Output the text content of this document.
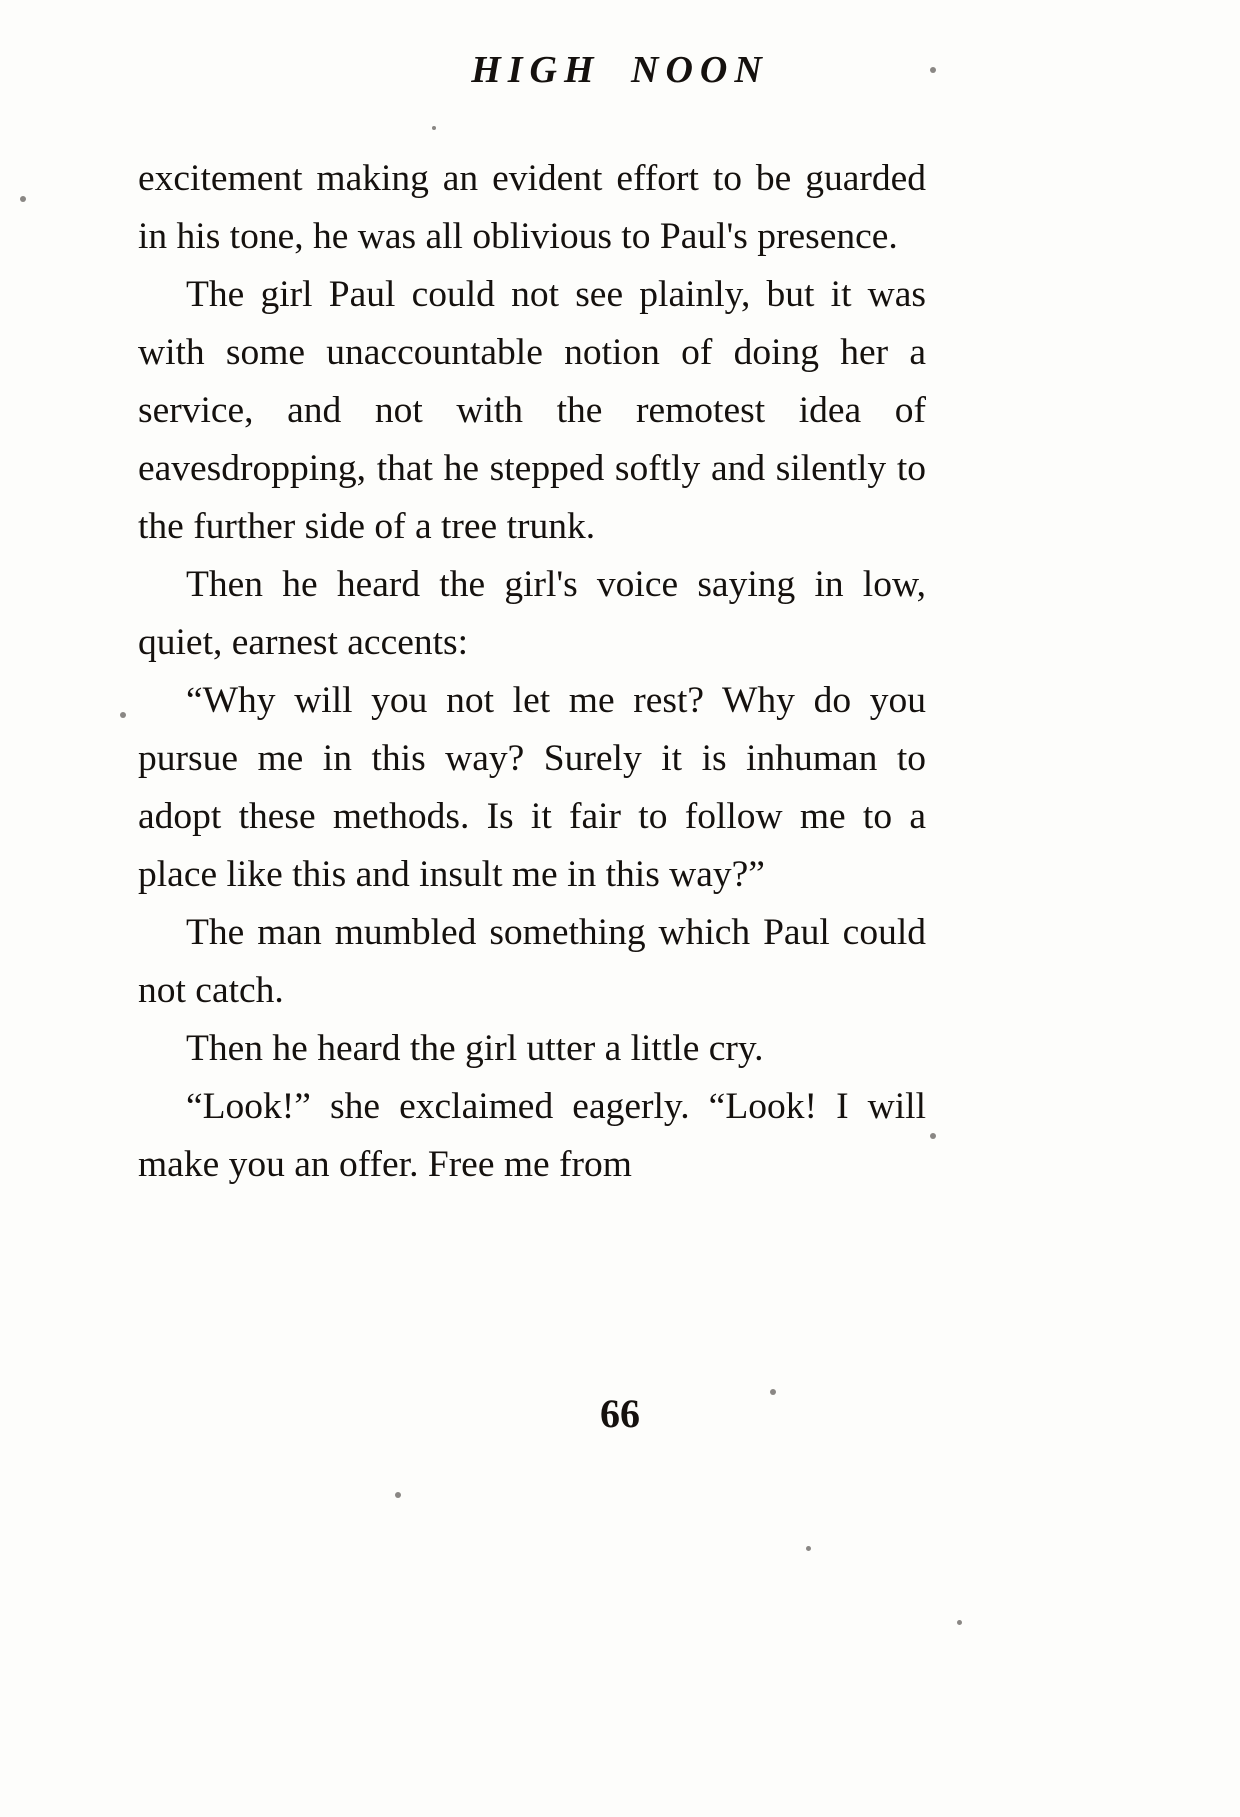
HIGH NOON

excitement making an evident effort to be guarded in his tone, he was all oblivious to Paul's presence.

The girl Paul could not see plainly, but it was with some unaccountable notion of doing her a service, and not with the remotest idea of eavesdropping, that he stepped softly and silently to the further side of a tree trunk.

Then he heard the girl's voice saying in low, quiet, earnest accents:

“Why will you not let me rest? Why do you pursue me in this way? Surely it is inhuman to adopt these methods. Is it fair to follow me to a place like this and insult me in this way?”

The man mumbled something which Paul could not catch.

Then he heard the girl utter a little cry.

“Look!” she exclaimed eagerly. “Look! I will make you an offer. Free me from

66
